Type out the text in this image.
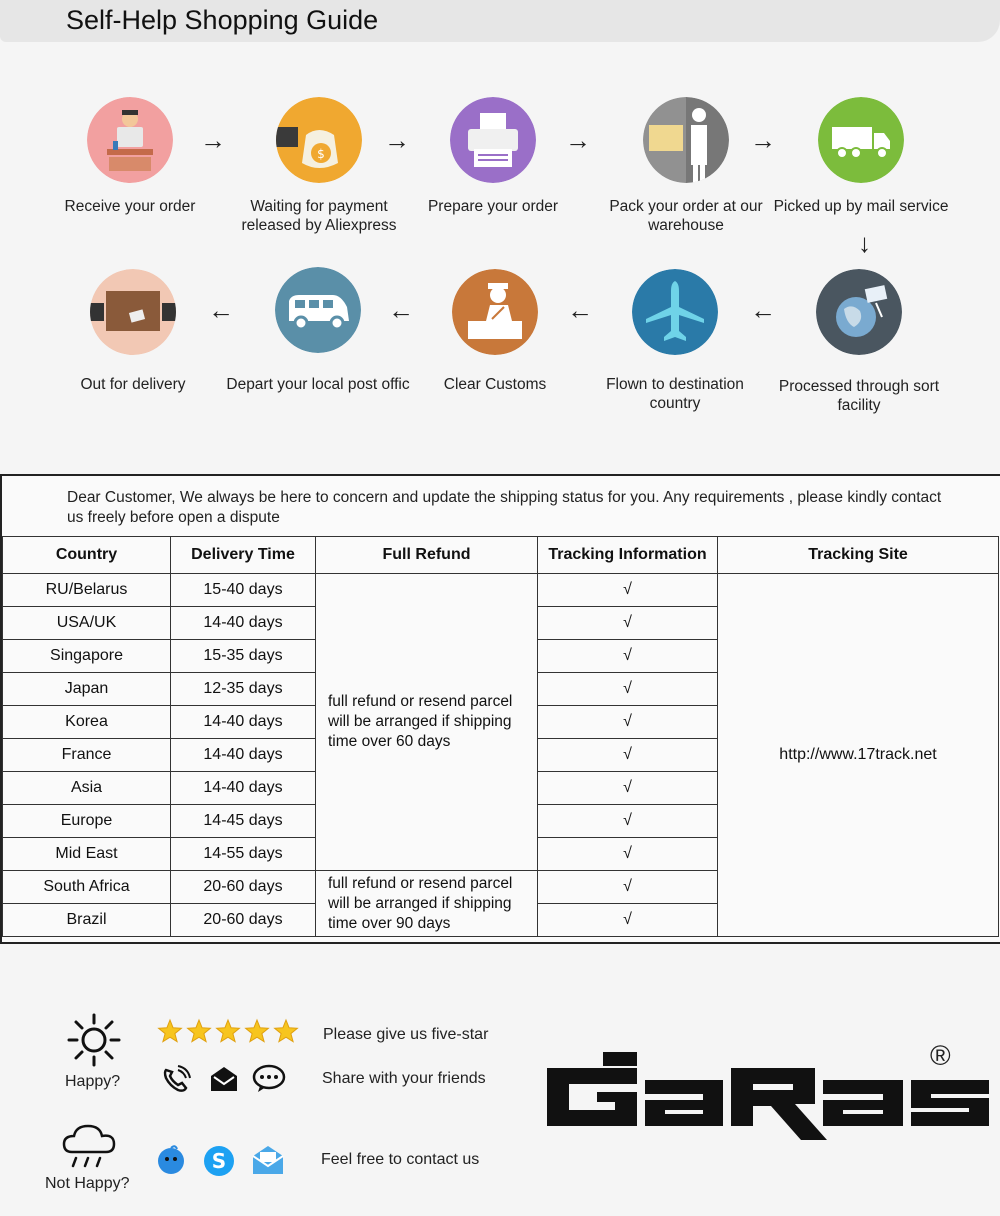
Self-Help Shopping Guide
Receive your order
→	$
Waiting for payment released by Aliexpress
→
Prepare your order
→
Pack your order at our warehouse
→
Picked up by mail service
↓
Out for delivery
←
Depart your local post offic
←
Clear Customs
←
Flown to destination country
←
Processed through sort facility
Dear Customer, We always be here to concern and update the shipping status for you. Any requirements , please kindly contact us freely before open a dispute
Country	Delivery Time	Full Refund	Tracking Information	Tracking Site
RU/Belarus	15-40 days	full refund or resend parcel will be arranged if shipping time over 60 days	√	http://www.17track.net
USA/UK	14-40 days		√	
Singapore	15-35 days		√	
Japan	12-35 days		√	
Korea	14-40 days		√	
France	14-40 days		√	
Asia	14-40 days		√	
Europe	14-45 days		√	
Mid East	14-55 days		√	
South Africa	20-60 days	full refund or resend parcel will be arranged if shipping time over 90 days	√	
Brazil	20-60 days		√	
Happy?
Please give us five-star
Share with your friends
Not Happy?
S	Feel free to contact us
®
